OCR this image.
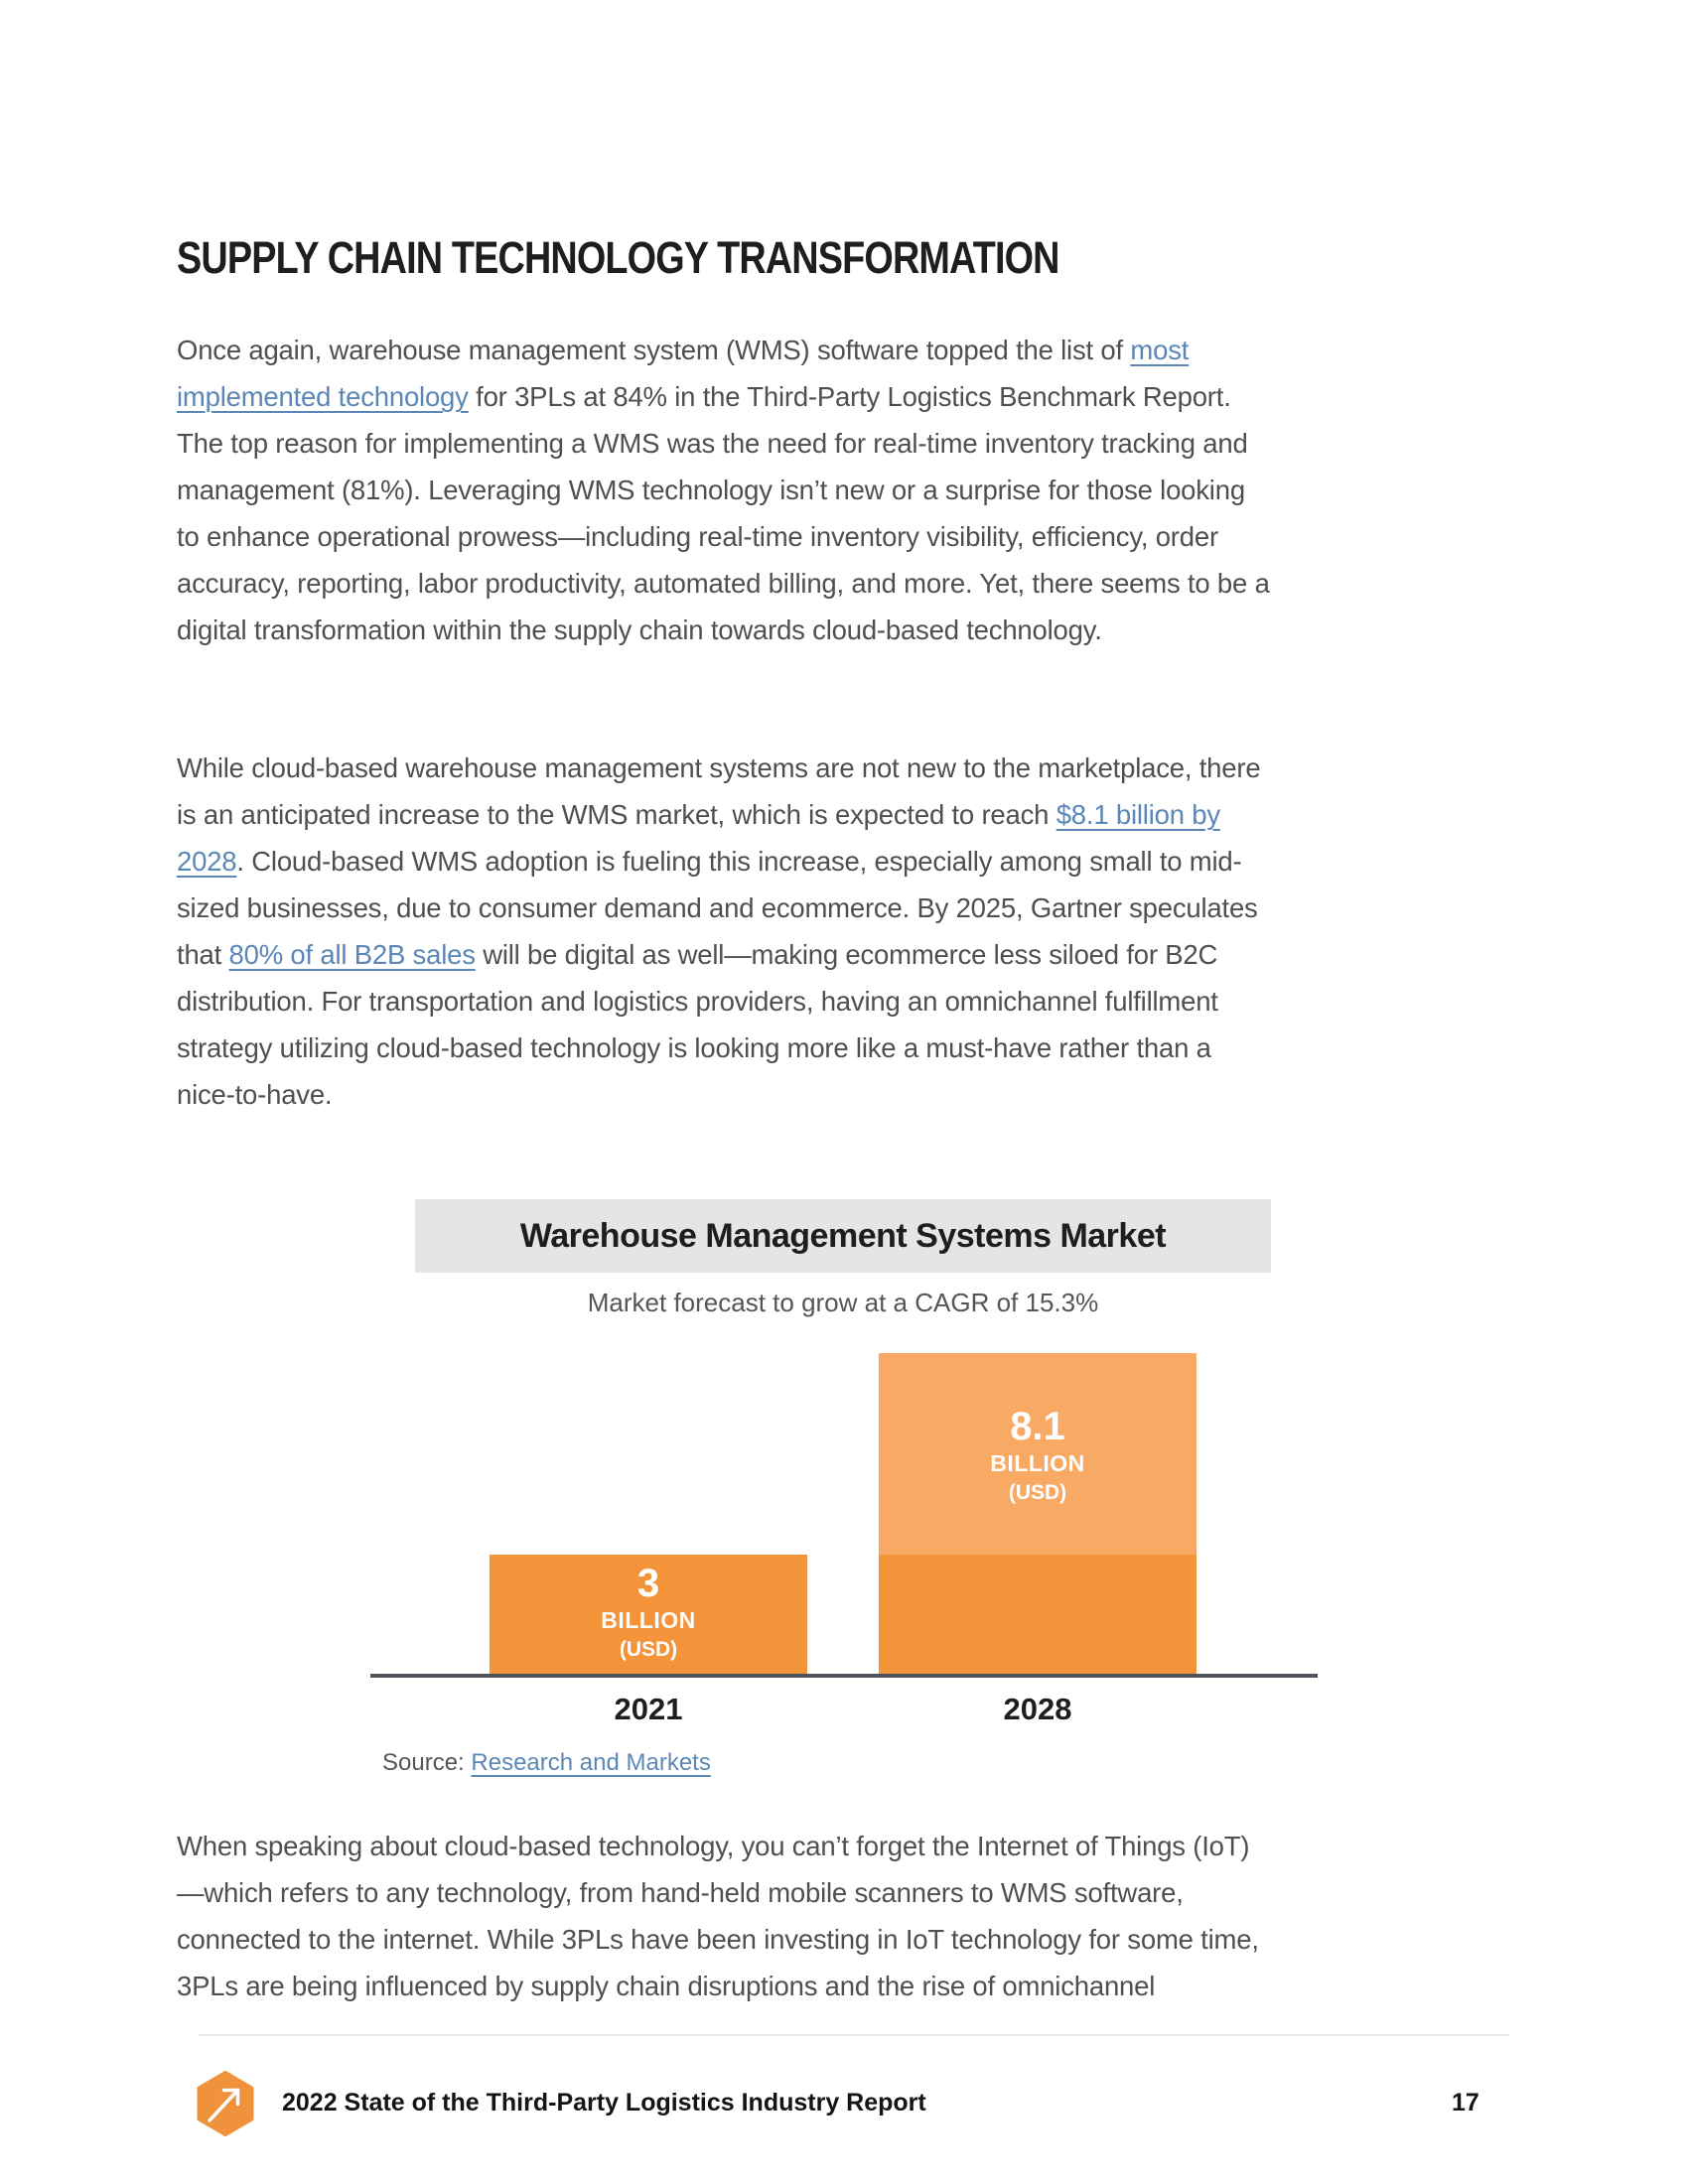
SUPPLY CHAIN TECHNOLOGY TRANSFORMATION

Once again, warehouse management system (WMS) software topped the list of most implemented technology for 3PLs at 84% in the Third-Party Logistics Benchmark Report. The top reason for implementing a WMS was the need for real-time inventory tracking and management (81%). Leveraging WMS technology isn’t new or a surprise for those looking to enhance operational prowess—including real-time inventory visibility, efficiency, order accuracy, reporting, labor productivity, automated billing, and more. Yet, there seems to be a digital transformation within the supply chain towards cloud-based technology.

While cloud-based warehouse management systems are not new to the marketplace, there is an anticipated increase to the WMS market, which is expected to reach $8.1 billion by 2028. Cloud-based WMS adoption is fueling this increase, especially among small to mid-sized businesses, due to consumer demand and ecommerce. By 2025, Gartner speculates that 80% of all B2B sales will be digital as well—making ecommerce less siloed for B2C distribution. For transportation and logistics providers, having an omnichannel fulfillment strategy utilizing cloud-based technology is looking more like a must-have rather than a nice-to-have.

Warehouse Management Systems Market
Market forecast to grow at a CAGR of 15.3%
3
BILLION
(USD)
8.1
BILLION
(USD)
2021	2028
Source: Research and Markets

When speaking about cloud-based technology, you can’t forget the Internet of Things (IoT)—which refers to any technology, from hand-held mobile scanners to WMS software, connected to the internet. While 3PLs have been investing in IoT technology for some time, 3PLs are being influenced by supply chain disruptions and the rise of omnichannel

2022 State of the Third-Party Logistics Industry Report	17
